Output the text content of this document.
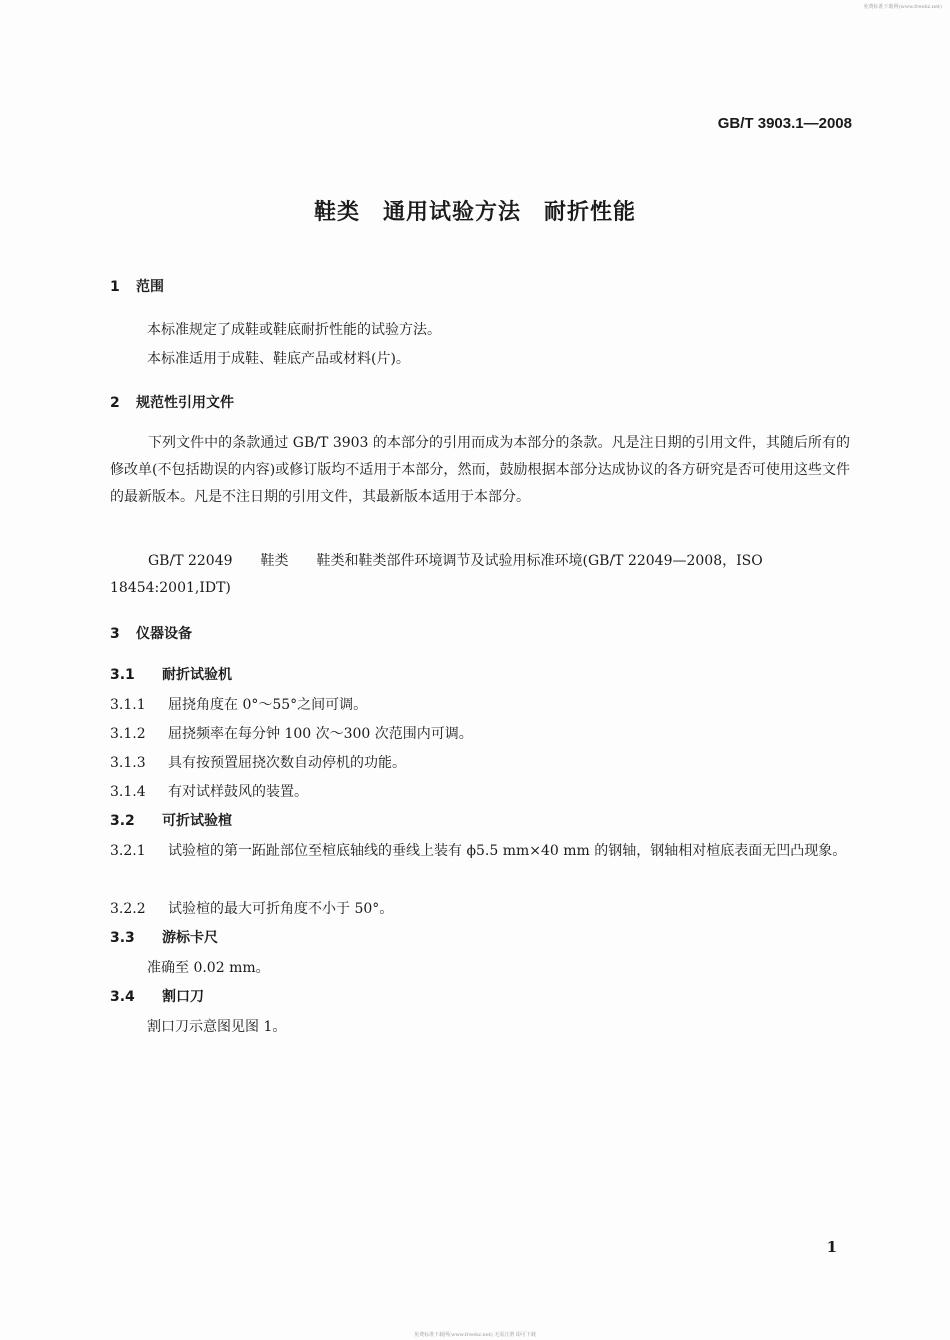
免费标准下载网(www.freebz.net)
GB/T 3903.1—2008
鞋类　通用试验方法　耐折性能
1 范围
本标准规定了成鞋或鞋底耐折性能的试验方法。
本标准适用于成鞋、鞋底产品或材料(片)。
2 规范性引用文件
下列文件中的条款通过 GB/T 3903 的本部分的引用而成为本部分的条款。凡是注日期的引用文件，其随后所有的修改单(不包括勘误的内容)或修订版均不适用于本部分，然而，鼓励根据本部分达成协议的各方研究是否可使用这些文件的最新版本。凡是不注日期的引用文件，其最新版本适用于本部分。
GB/T 22049 鞋类 鞋类和鞋类部件环境调节及试验用标准环境(GB/T 22049—2008，ISO 18454:2001,IDT)
3 仪器设备
3.1 耐折试验机
3.1.1 屈挠角度在 0°～55°之间可调。
3.1.2 屈挠频率在每分钟 100 次～300 次范围内可调。
3.1.3 具有按预置屈挠次数自动停机的功能。
3.1.4 有对试样鼓风的装置。
3.2 可折试验楦
3.2.1 试验楦的第一跖趾部位至楦底轴线的垂线上装有 ϕ5.5 mm×40 mm 的钢轴，钢轴相对楦底表面无凹凸现象。
3.2.2 试验楦的最大可折角度不小于 50°。
3.3 游标卡尺
准确至 0.02 mm。
3.4 割口刀
割口刀示意图见图 1。
1
免费标准下载网(www.freebz.net) 无需注册 即可下载
